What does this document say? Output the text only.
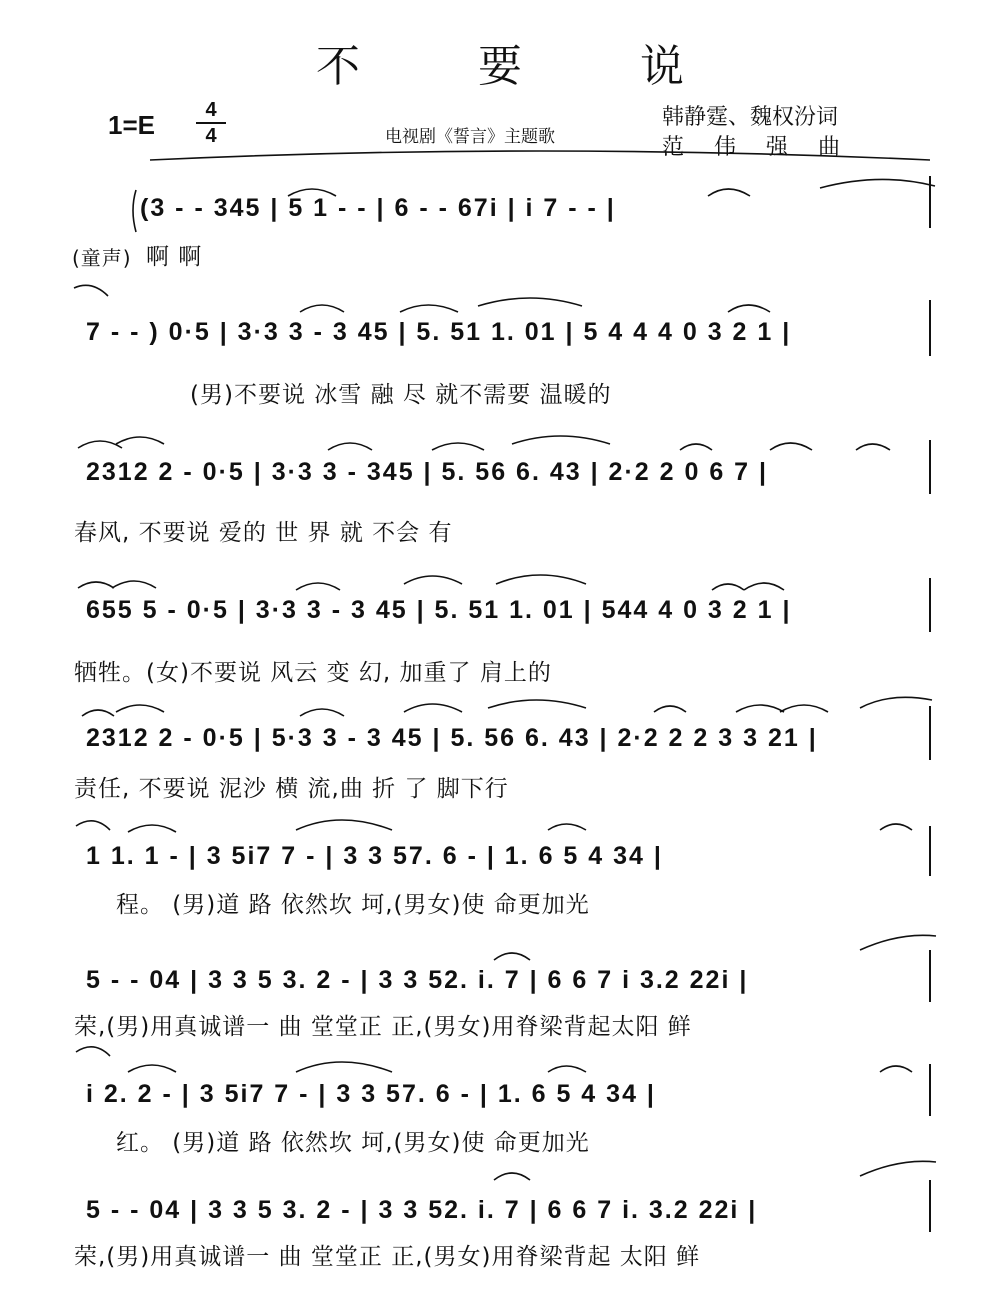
不 要 说
1=E	4
4	电视剧《誓言》主题歌
韩静霆、魏权汾词
范伟强曲
(3 - - 345 | 5 1 - - | 6 - - 67i | i 7 - - |
(童声) 啊 啊
7 - - ) 0·5 | 3·3 3 - 3 45 | 5. 51 1. 01 | 5 4 4 4 0 3 2 1 |
(男)不要说 冰雪 融 尽 就不需要 温暖的
2312 2 - 0·5 | 3·3 3 - 345 | 5. 56 6. 43 | 2·2 2 0 6 7 |
春风, 不要说 爱的 世 界 就 不会 有
655 5 - 0·5 | 3·3 3 - 3 45 | 5. 51 1. 01 | 544 4 0 3 2 1 |
牺牲。(女)不要说 风云 变 幻, 加重了 肩上的
2312 2 - 0·5 | 5·3 3 - 3 45 | 5. 56 6. 43 | 2·2 2 2 3 3 21 |
责任, 不要说 泥沙 横 流,曲 折 了 脚下行
1 1. 1 - | 3 5i7 7 - | 3 3 57. 6 - | 1. 6 5 4 34 |
程。 (男)道 路 依然坎 坷,(男女)使 命更加光
5 - - 04 | 3 3 5 3. 2 - | 3 3 52. i. 7 | 6 6 7 i 3.2 22i |
荣,(男)用真诚谱一 曲 堂堂正 正,(男女)用脊梁背起太阳 鲜
i 2. 2 - | 3 5i7 7 - | 3 3 57. 6 - | 1. 6 5 4 34 |
红。 (男)道 路 依然坎 坷,(男女)使 命更加光
5 - - 04 | 3 3 5 3. 2 - | 3 3 52. i. 7 | 6 6 7 i. 3.2 22i |
荣,(男)用真诚谱一 曲 堂堂正 正,(男女)用脊梁背起 太阳 鲜
